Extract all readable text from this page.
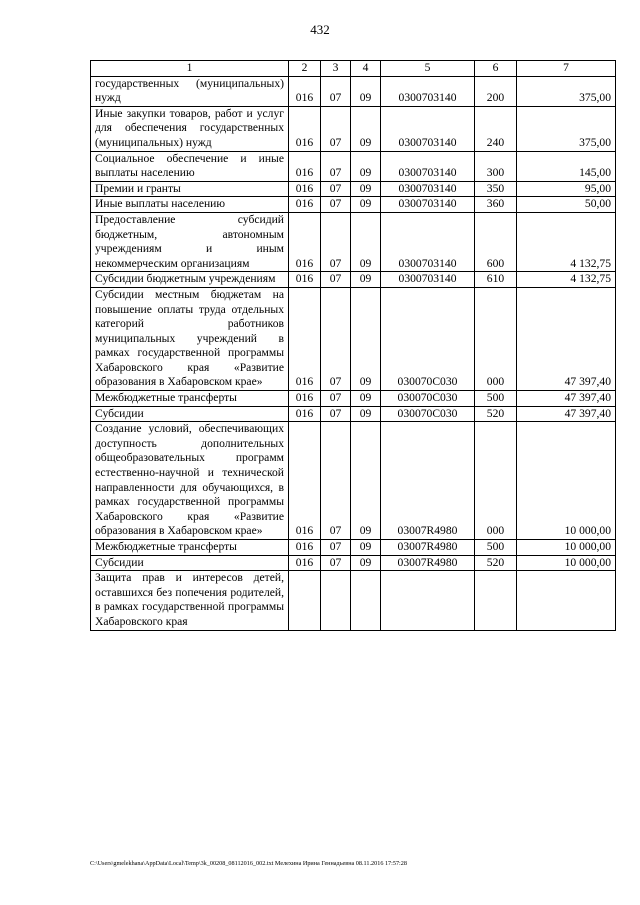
432
1	2	3	4	5	6	7
государственных (муниципальных) нужд	016	07	09	0300703140	200	375,00
Иные закупки товаров, работ и услуг для обеспечения государственных (муниципальных) нужд	016	07	09	0300703140	240	375,00
Социальное обеспечение и иные выплаты населению	016	07	09	0300703140	300	145,00
Премии и гранты	016	07	09	0300703140	350	95,00
Иные выплаты населению	016	07	09	0300703140	360	50,00
Предоставление субсидий бюджетным, автономным учреждениям и иным некоммерческим организациям	016	07	09	0300703140	600	4 132,75
Субсидии бюджетным учреждениям	016	07	09	0300703140	610	4 132,75
Субсидии местным бюджетам на повышение оплаты труда отдельных категорий работников муниципальных учреждений в рамках государственной программы Хабаровского края «Развитие образования в Хабаровском крае»	016	07	09	030070С030	000	47 397,40
Межбюджетные трансферты	016	07	09	030070С030	500	47 397,40
Субсидии	016	07	09	030070С030	520	47 397,40
Создание условий, обеспечивающих доступность дополнительных общеобразовательных программ естественно-научной и технической направленности для обучающихся, в рамках государственной программы Хабаровского края «Развитие образования в Хабаровском крае»	016	07	09	03007R4980	000	10 000,00
Межбюджетные трансферты	016	07	09	03007R4980	500	10 000,00
Субсидии	016	07	09	03007R4980	520	10 000,00
Защита прав и интересов детей, оставшихся без попечения родителей, в рамках государственной программы Хабаровского края						
C:\Users\gmelekhana\AppData\Local\Temp\3k_00208_08112016_002.txt Мелехина Ирина Геннадьевна 08.11.2016 17:57:28
